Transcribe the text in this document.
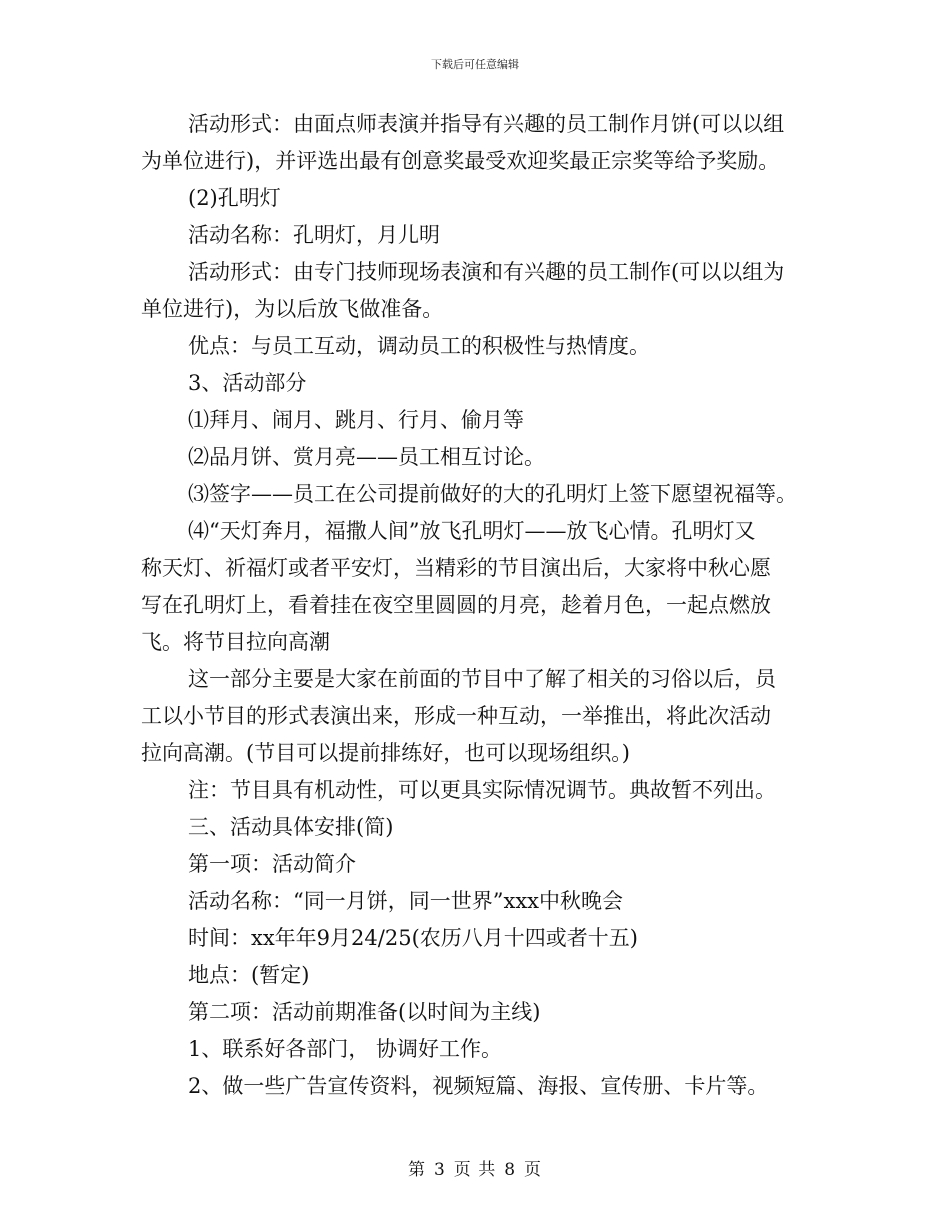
下载后可任意编辑
活动形式：由面点师表演并指导有兴趣的员工制作月饼(可以以组
为单位进行)，并评选出最有创意奖最受欢迎奖最正宗奖等给予奖励。
(2)孔明灯
活动名称：孔明灯，月儿明
活动形式：由专门技师现场表演和有兴趣的员工制作(可以以组为
单位进行)，为以后放飞做准备。
优点：与员工互动，调动员工的积极性与热情度。
3、活动部分
⑴拜月、闹月、跳月、行月、偷月等
⑵品月饼、赏月亮——员工相互讨论。
⑶签字——员工在公司提前做好的大的孔明灯上签下愿望祝福等。
⑷“天灯奔月，福撒人间”放飞孔明灯——放飞心情。孔明灯又
称天灯、祈福灯或者平安灯，当精彩的节目演出后，大家将中秋心愿
写在孔明灯上，看着挂在夜空里圆圆的月亮，趁着月色，一起点燃放
飞。将节目拉向高潮
这一部分主要是大家在前面的节目中了解了相关的习俗以后，员
工以小节目的形式表演出来，形成一种互动，一举推出，将此次活动
拉向高潮。(节目可以提前排练好，也可以现场组织。)
注：节目具有机动性，可以更具实际情况调节。典故暂不列出。
三、活动具体安排(简)
第一项：活动简介
活动名称：“同一月饼，同一世界”xxx中秋晚会
时间：xx年年9月24/25(农历八月十四或者十五)
地点：(暂定)
第二项：活动前期准备(以时间为主线)
1、联系好各部门， 协调好工作。
2、做一些广告宣传资料，视频短篇、海报、宣传册、卡片等。
第 3 页 共 8 页
